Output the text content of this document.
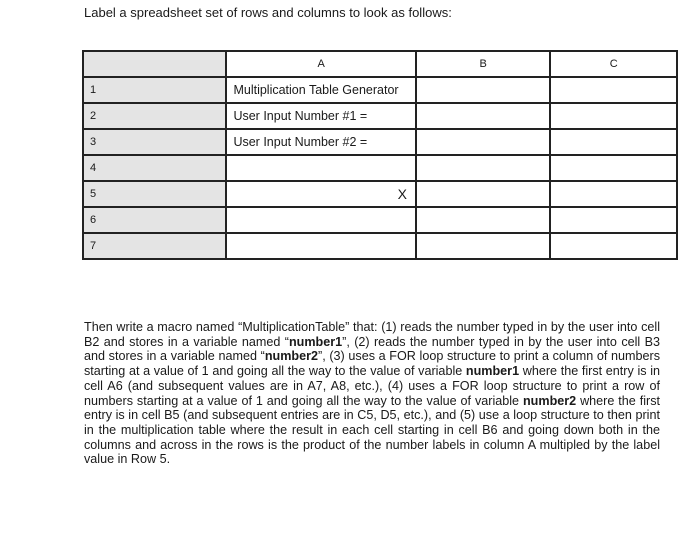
Label a spreadsheet set of rows and columns to look as follows:
	A	B	C
1	Multiplication Table Generator		
2	User Input Number #1 =		
3	User Input Number #2 =		
4			
5	X		
6			
7			
Then write a macro named “MultiplicationTable” that: (1) reads the number typed in by the user into cell B2 and stores in a variable named “number1”, (2) reads the number typed in by the user into cell B3 and stores in a variable named “number2”, (3) uses a FOR loop structure to print a column of numbers starting at a value of 1 and going all the way to the value of variable number1 where the first entry is in cell A6 (and subsequent values are in A7, A8, etc.), (4) uses a FOR loop structure to print a row of numbers starting at a value of 1 and going all the way to the value of variable number2 where the first entry is in cell B5 (and subsequent entries are in C5, D5, etc.), and (5) use a loop structure to then print in the multiplication table where the result in each cell starting in cell B6 and going down both in the columns and across in the rows is the product of the number labels in column A multipled by the label value in Row 5.
